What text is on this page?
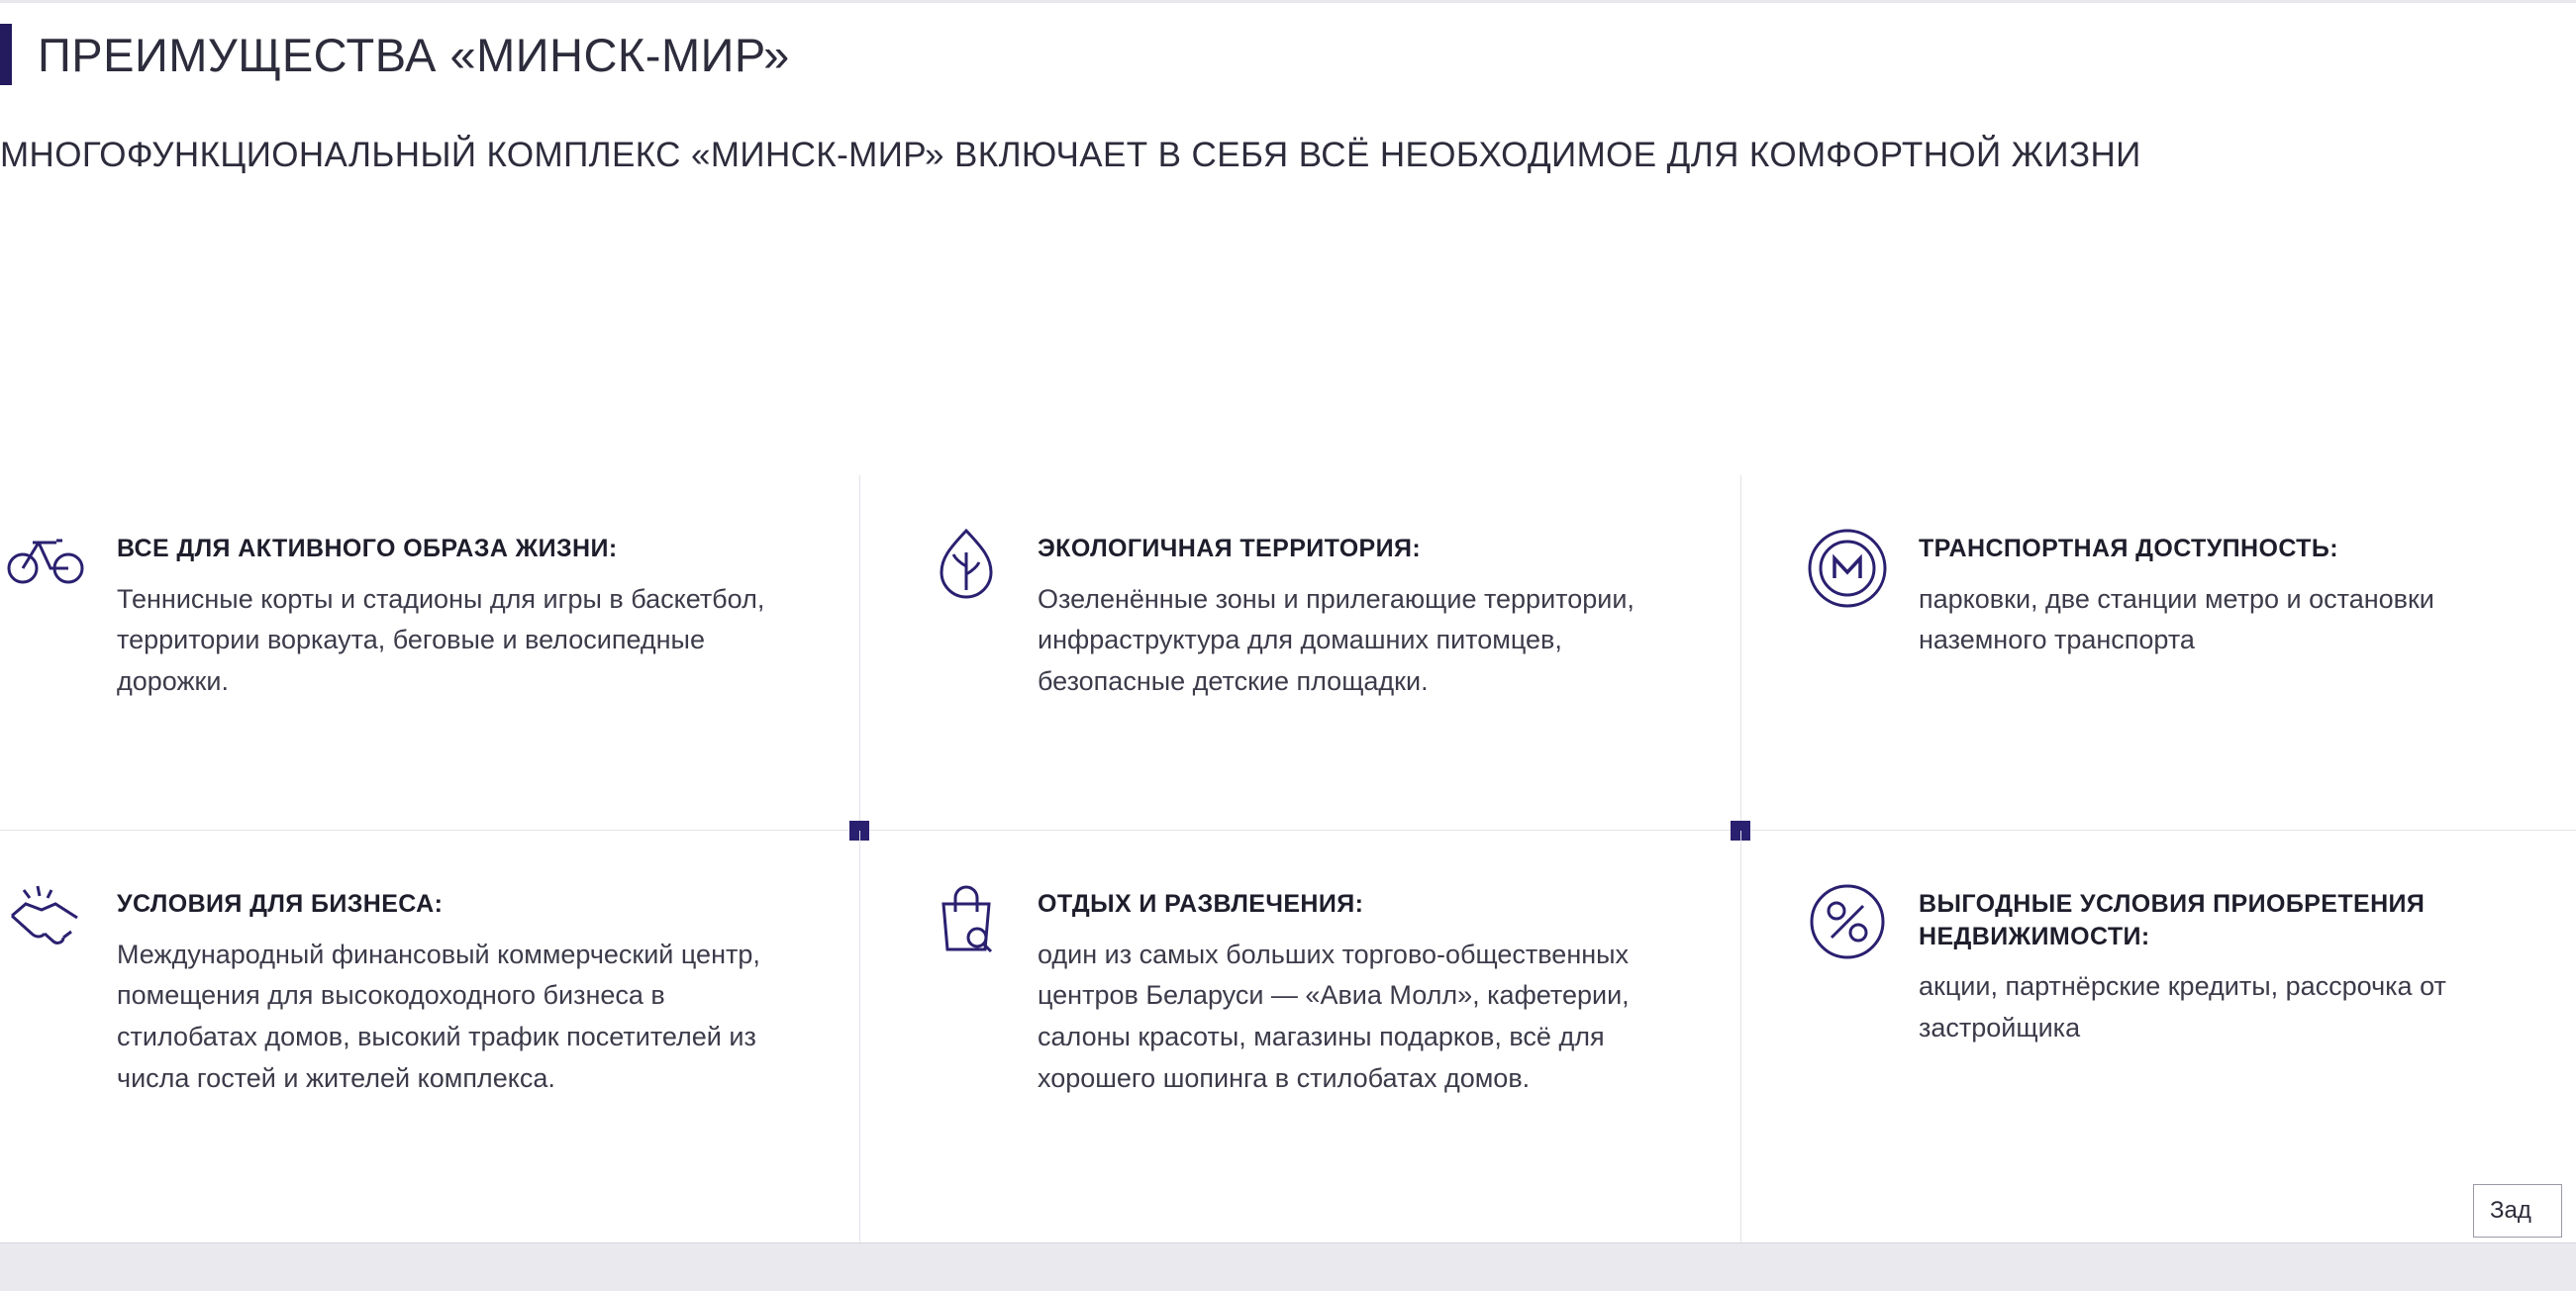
ПРЕИМУЩЕСТВА «МИНСК-МИР»
МНОГОФУНКЦИОНАЛЬНЫЙ КОМПЛЕКС «МИНСК-МИР» ВКЛЮЧАЕТ В СЕБЯ ВСЁ НЕОБХОДИМОЕ ДЛЯ КОМФОРТНОЙ ЖИЗНИ
ВСЕ ДЛЯ АКТИВНОГО ОБРАЗА ЖИЗНИ:
Теннисные корты и стадионы для игры в баскетбол, территории воркаута, беговые и велосипедные дорожки.
ЭКОЛОГИЧНАЯ ТЕРРИТОРИЯ:
Озеленённые зоны и прилегающие территории, инфраструктура для домашних питомцев, безопасные детские площадки.
ТРАНСПОРТНАЯ ДОСТУПНОСТЬ:
парковки, две станции метро и остановки наземного транспорта
УСЛОВИЯ ДЛЯ БИЗНЕСА:
Международный финансовый коммерческий центр, помещения для высокодоходного бизнеса в стилобатах домов, высокий трафик посетителей из числа гостей и жителей комплекса.
ОТДЫХ И РАЗВЛЕЧЕНИЯ:
один из самых больших торгово-общественных центров Беларуси — «Авиа Молл», кафетерии, салоны красоты, магазины подарков, всё для хорошего шопинга в стилобатах домов.
ВЫГОДНЫЕ УСЛОВИЯ ПРИОБРЕТЕНИЯ НЕДВИЖИМОСТИ:
акции, партнёрские кредиты, рассрочка от застройщика
Зад
